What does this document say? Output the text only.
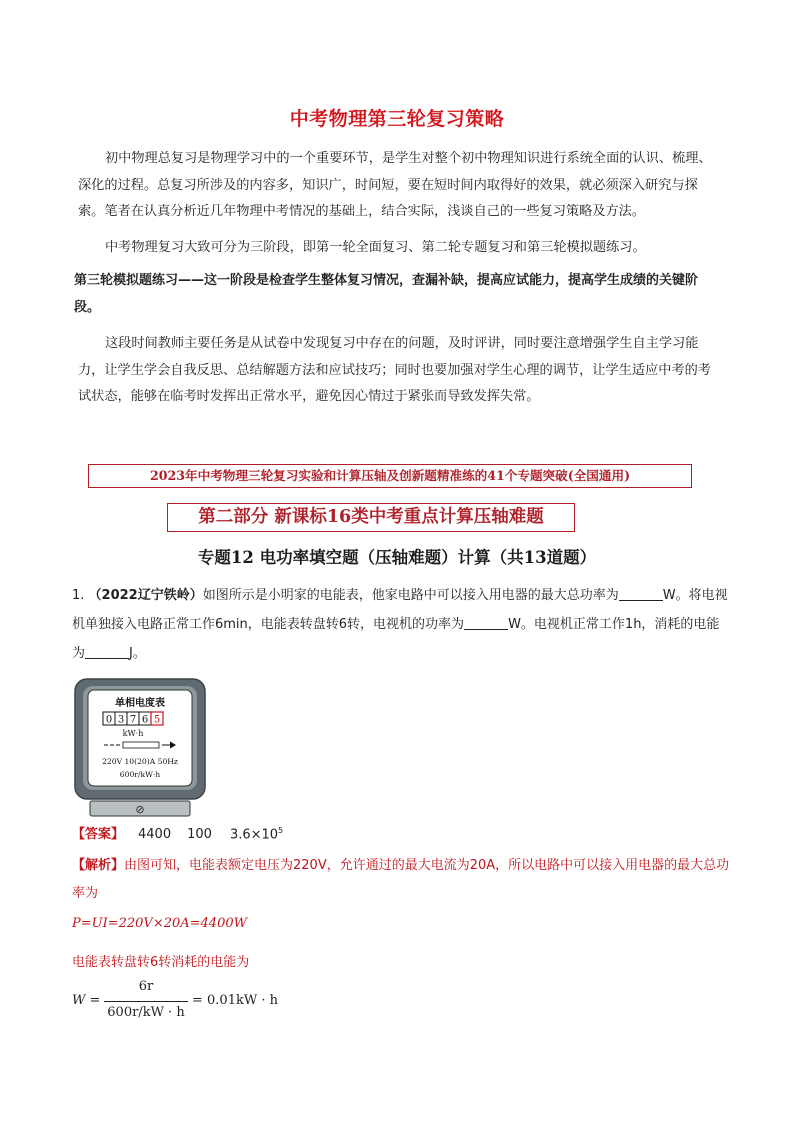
中考物理第三轮复习策略
初中物理总复习是物理学习中的一个重要环节，是学生对整个初中物理知识进行系统全面的认识、梳理、深化的过程。总复习所涉及的内容多，知识广，时间短，要在短时间内取得好的效果，就必须深入研究与探索。笔者在认真分析近几年物理中考情况的基础上，结合实际，浅谈自己的一些复习策略及方法。
中考物理复习大致可分为三阶段，即第一轮全面复习、第二轮专题复习和第三轮模拟题练习。
第三轮模拟题练习——这一阶段是检查学生整体复习情况，查漏补缺，提高应试能力，提高学生成绩的关键阶段。
这段时间教师主要任务是从试卷中发现复习中存在的问题，及时评讲，同时要注意增强学生自主学习能力，让学生学会自我反思、总结解题方法和应试技巧；同时也要加强对学生心理的调节，让学生适应中考的考试状态，能够在临考时发挥出正常水平，避免因心情过于紧张而导致发挥失常。
2023年中考物理三轮复习实验和计算压轴及创新题精准练的41个专题突破(全国通用)
第二部分 新课标16类中考重点计算压轴难题
专题12 电功率填空题（压轴难题）计算（共13道题）
1. （2022辽宁铁岭）如图所示是小明家的电能表，他家电路中可以接入用电器的最大总功率为	W。将电视机单独接入电路正常工作6min，电能表转盘转6转，电视机的功率为	W。电视机正常工作1h，消耗的电能为	J。
单相电度表
0 3 7 6 5
kW·h
220V 10(20)A 50Hz
600r/kW·h
⊘
【答案】 4400 100 $3.6\times 10^5$
【解析】由图可知，电能表额定电压为220V，允许通过的最大电流为20A，所以电路中可以接入用电器的最大总功率为
P=UI=220V×20A=4400W
电能表转盘转6转消耗的电能为
W =
6r
600r/kW · h
= 0.01kW · h
